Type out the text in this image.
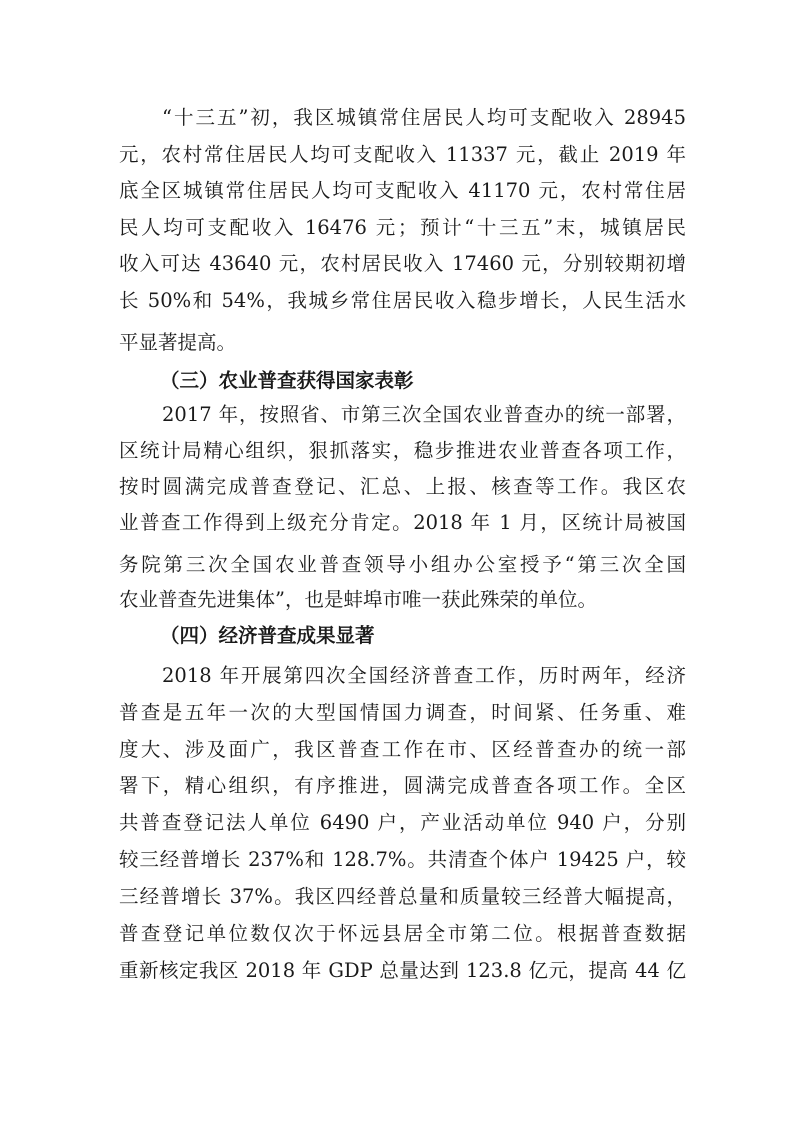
“十三五”初，我区城镇常住居民人均可支配收入 28945
元，农村常住居民人均可支配收入 11337 元，截止 2019 年
底全区城镇常住居民人均可支配收入 41170 元，农村常住居
民人均可支配收入 16476 元；预计“十三五”末，城镇居民
收入可达 43640 元，农村居民收入 17460 元，分别较期初增
长 50%和 54%，我城乡常住居民收入稳步增长，人民生活水
平显著提高。
（三）农业普查获得国家表彰
2017 年，按照省、市第三次全国农业普查办的统一部署，
区统计局精心组织，狠抓落实，稳步推进农业普查各项工作，
按时圆满完成普查登记、汇总、上报、核查等工作。我区农
业普查工作得到上级充分肯定。2018 年 1 月，区统计局被国
务院第三次全国农业普查领导小组办公室授予“第三次全国
农业普查先进集体”，也是蚌埠市唯一获此殊荣的单位。
（四）经济普查成果显著
2018 年开展第四次全国经济普查工作，历时两年，经济
普查是五年一次的大型国情国力调查，时间紧、任务重、难
度大、涉及面广，我区普查工作在市、区经普查办的统一部
署下，精心组织，有序推进，圆满完成普查各项工作。全区
共普查登记法人单位 6490 户，产业活动单位 940 户，分别
较三经普增长 237%和 128.7%。共清查个体户 19425 户，较
三经普增长 37%。我区四经普总量和质量较三经普大幅提高，
普查登记单位数仅次于怀远县居全市第二位。根据普查数据
重新核定我区 2018 年 GDP 总量达到 123.8 亿元，提高 44 亿
